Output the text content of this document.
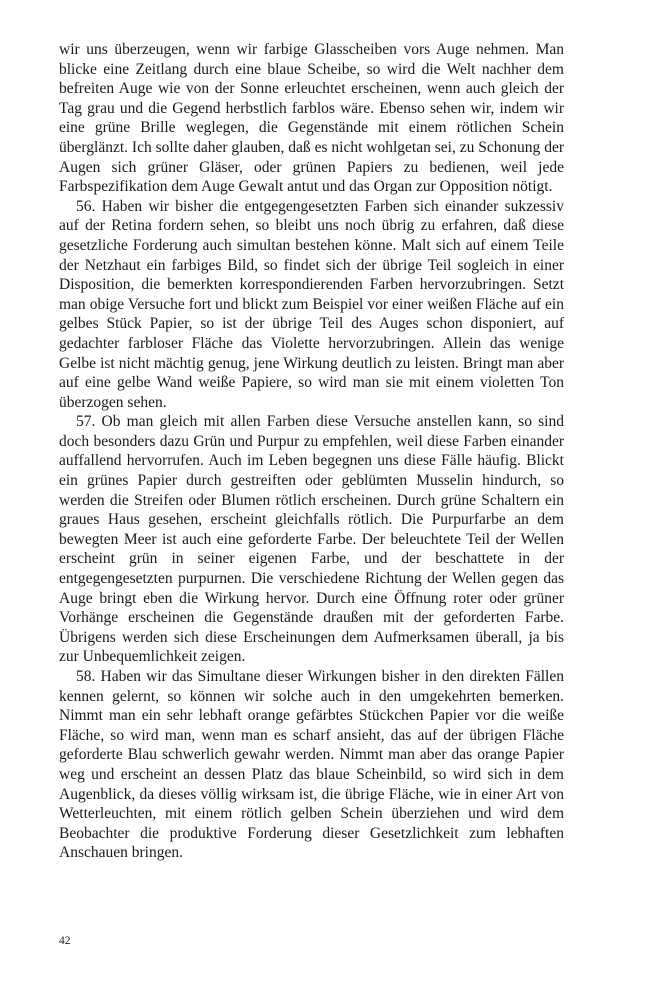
wir uns überzeugen, wenn wir farbige Glasscheiben vors Auge nehmen. Man blicke eine Zeitlang durch eine blaue Scheibe, so wird die Welt nachher dem befreiten Auge wie von der Sonne erleuchtet erscheinen, wenn auch gleich der Tag grau und die Gegend herbstlich farblos wäre. Ebenso sehen wir, indem wir eine grüne Brille weglegen, die Gegenstände mit einem rötlichen Schein überglänzt. Ich sollte daher glauben, daß es nicht wohlgetan sei, zu Schonung der Augen sich grüner Gläser, oder grünen Papiers zu bedienen, weil jede Farbspezifikation dem Auge Gewalt antut und das Organ zur Opposition nötigt.

56. Haben wir bisher die entgegengesetzten Farben sich einander sukzessiv auf der Retina fordern sehen, so bleibt uns noch übrig zu erfahren, daß diese gesetzliche Forderung auch simultan bestehen könne. Malt sich auf einem Teile der Netzhaut ein farbiges Bild, so findet sich der übrige Teil sogleich in einer Disposition, die bemerkten korrespondierenden Farben hervorzubringen. Setzt man obige Versuche fort und blickt zum Beispiel vor einer weißen Fläche auf ein gelbes Stück Papier, so ist der übrige Teil des Auges schon disponiert, auf gedachter farbloser Fläche das Violette hervorzubringen. Allein das wenige Gelbe ist nicht mächtig genug, jene Wirkung deutlich zu leisten. Bringt man aber auf eine gelbe Wand weiße Papiere, so wird man sie mit einem violetten Ton überzogen sehen.

57. Ob man gleich mit allen Farben diese Versuche anstellen kann, so sind doch besonders dazu Grün und Purpur zu empfehlen, weil diese Farben einander auffallend hervorrufen. Auch im Leben begegnen uns diese Fälle häufig. Blickt ein grünes Papier durch gestreiften oder geblümten Musselin hindurch, so werden die Streifen oder Blumen rötlich erscheinen. Durch grüne Schaltern ein graues Haus gesehen, erscheint gleichfalls rötlich. Die Purpurfarbe an dem bewegten Meer ist auch eine geforderte Farbe. Der beleuchtete Teil der Wellen erscheint grün in seiner eigenen Farbe, und der beschattete in der entgegengesetzten purpurnen. Die verschiedene Richtung der Wellen gegen das Auge bringt eben die Wirkung hervor. Durch eine Öffnung roter oder grüner Vorhänge erscheinen die Gegenstände draußen mit der geforderten Farbe. Übrigens werden sich diese Erscheinungen dem Aufmerksamen überall, ja bis zur Unbequemlichkeit zeigen.

58. Haben wir das Simultane dieser Wirkungen bisher in den direkten Fällen kennen gelernt, so können wir solche auch in den umgekehrten bemerken. Nimmt man ein sehr lebhaft orange gefärbtes Stückchen Papier vor die weiße Fläche, so wird man, wenn man es scharf ansieht, das auf der übrigen Fläche geforderte Blau schwerlich gewahr werden. Nimmt man aber das orange Papier weg und erscheint an dessen Platz das blaue Scheinbild, so wird sich in dem Augenblick, da dieses völlig wirksam ist, die übrige Fläche, wie in einer Art von Wetterleuchten, mit einem rötlich gelben Schein überziehen und wird dem Beobachter die produktive Forderung dieser Gesetzlichkeit zum lebhaften Anschauen bringen.

42
